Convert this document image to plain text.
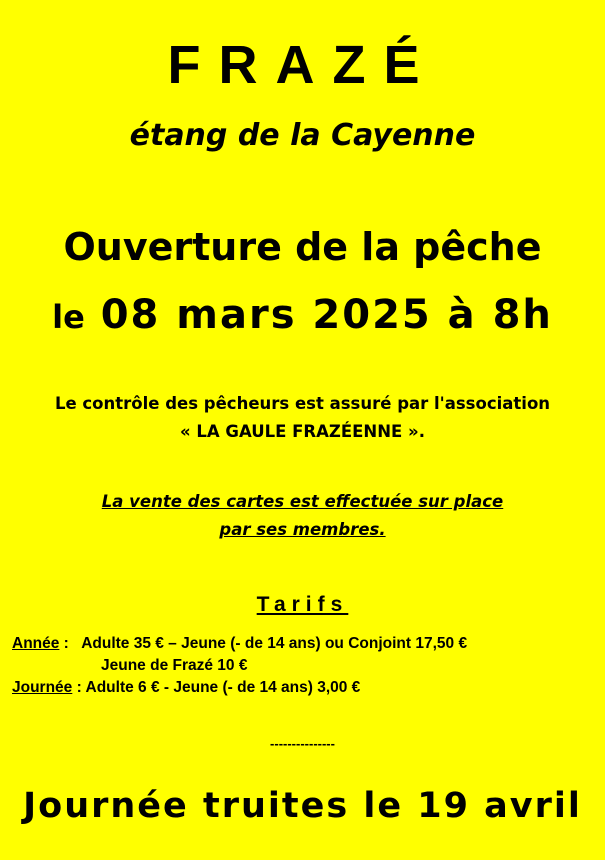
FRAZÉ
étang de la Cayenne
Ouverture de la pêche
le 08 mars 2025 à 8h
Le contrôle des pêcheurs est assuré par l'association
« LA GAULE FRAZÉENNE ».
La vente des cartes est effectuée sur place
par ses membres.
Tarifs
Année :   Adulte 35 € – Jeune (- de 14 ans) ou Conjoint 17,50 €
Jeune de Frazé 10 €
Journée : Adulte 6 € - Jeune (- de 14 ans) 3,00 €
---------------
Journée truites le 19 avril
